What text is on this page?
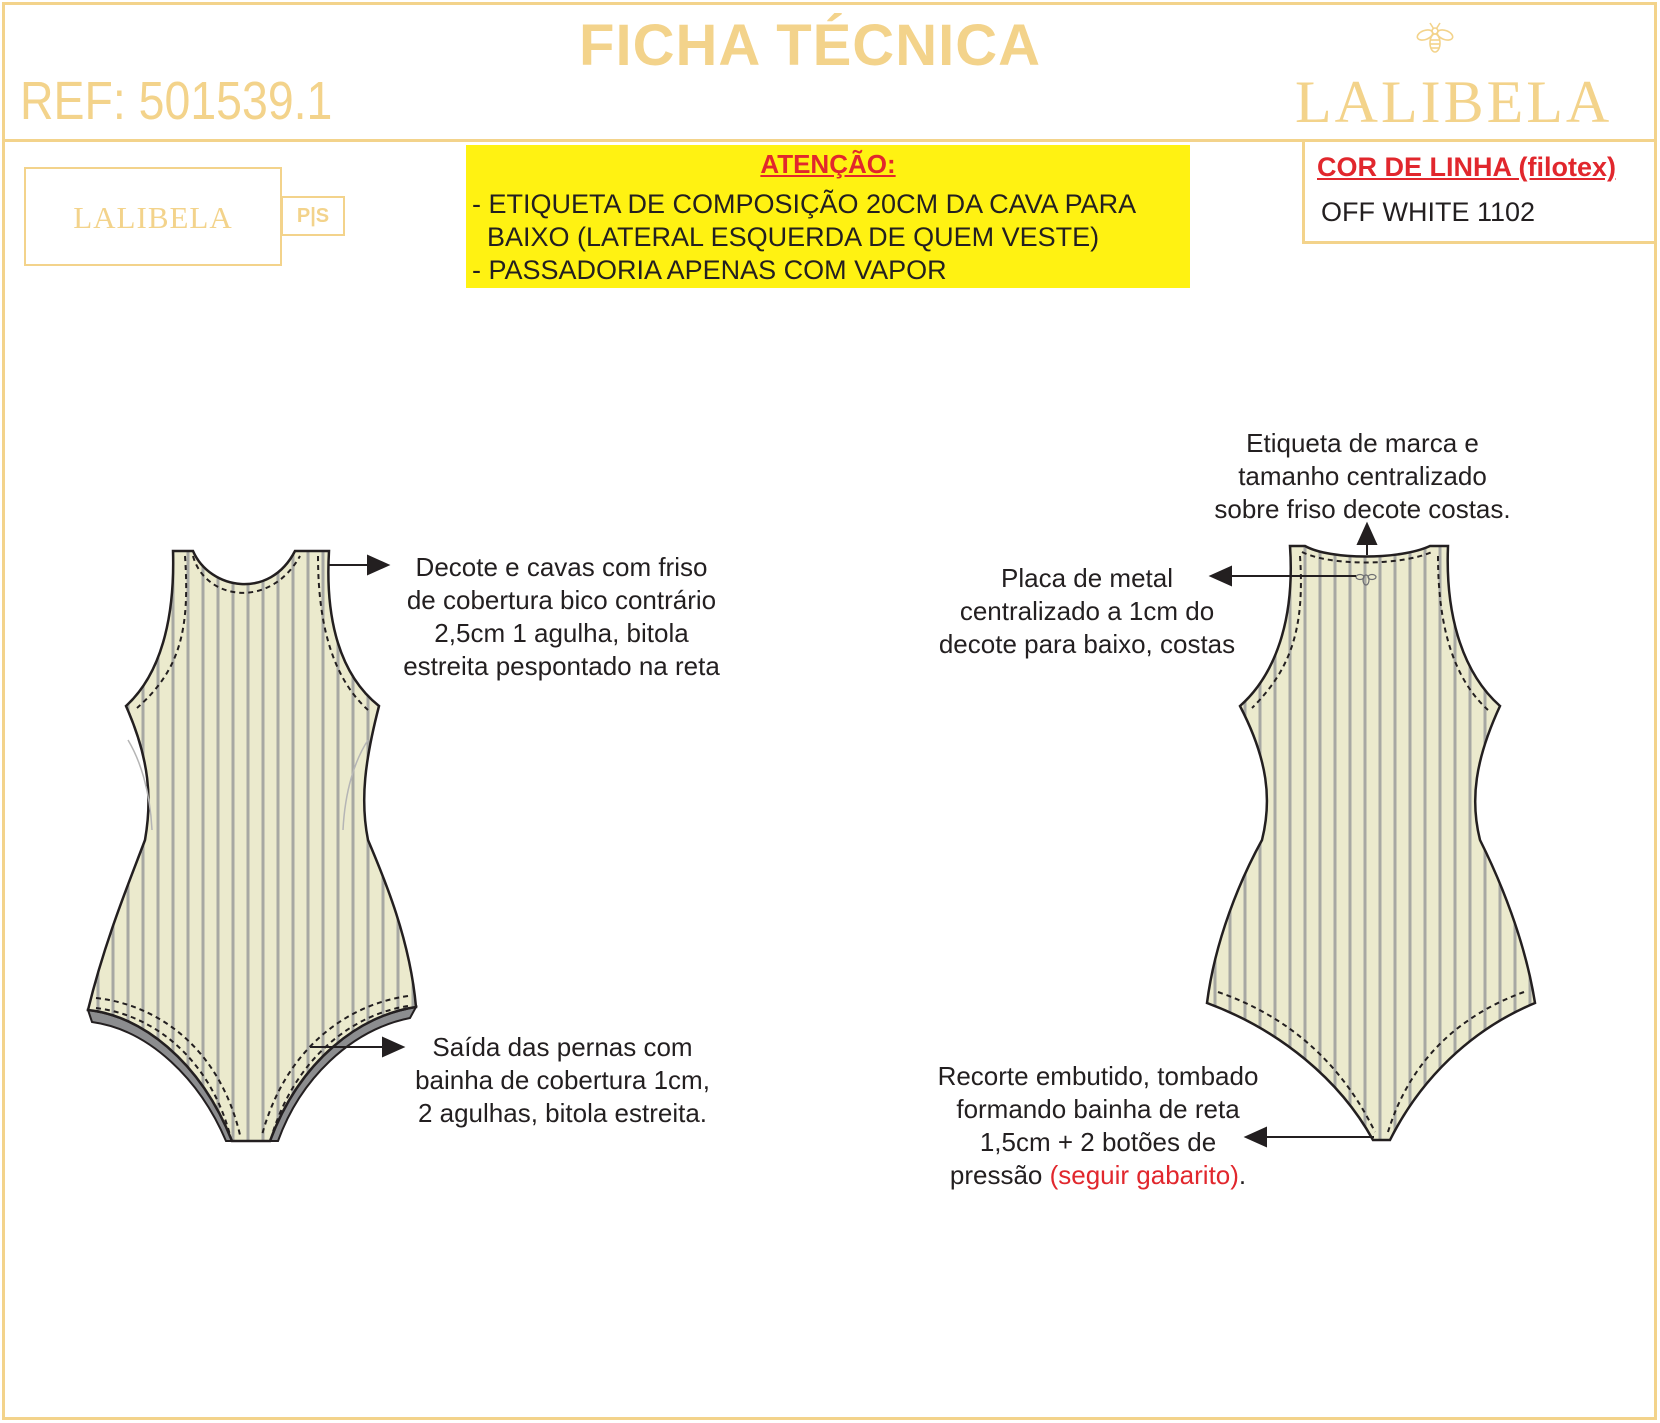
FICHA TÉCNICA
REF: 501539.1	LALIBELA
LALIBELA	P|S
ATENÇÃO:
- ETIQUETA DE COMPOSIÇÃO 20CM DA CAVA PARA
BAIXO (LATERAL ESQUERDA DE QUEM VESTE)
- PASSADORIA APENAS COM VAPOR
COR DE LINHA (filotex)
OFF WHITE 1102
Decote e cavas com friso
de cobertura bico contrário
2,5cm 1 agulha, bitola
estreita pespontado na reta
Saída das pernas com
bainha de cobertura 1cm,
2 agulhas, bitola estreita.
Etiqueta de marca e
tamanho centralizado
sobre friso decote costas.
Placa de metal
centralizado a 1cm do
decote para baixo, costas
Recorte embutido, tombado
formando bainha de reta
1,5cm + 2 botões de
pressão (seguir gabarito).
